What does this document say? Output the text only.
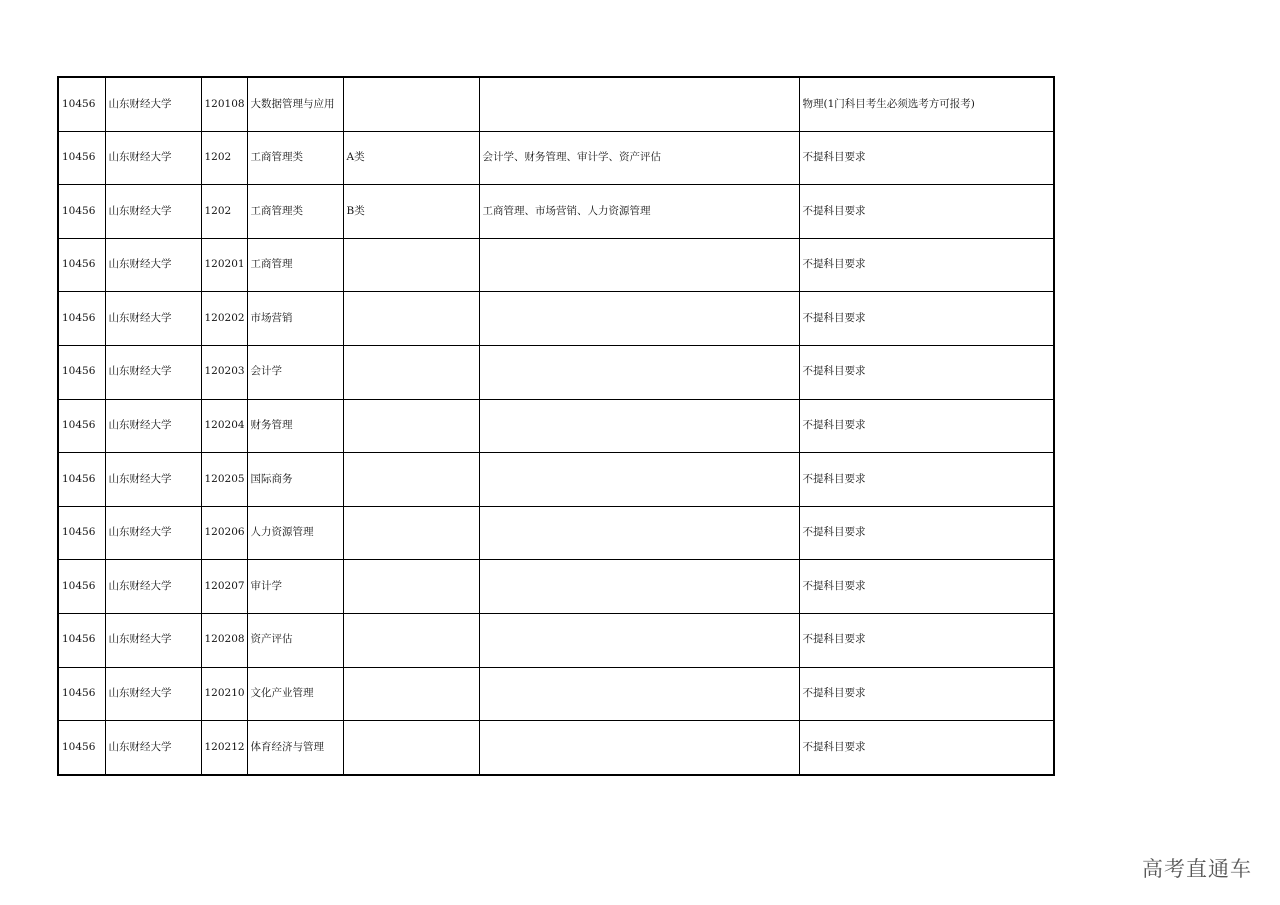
10456	山东财经大学	120108	大数据管理与应用			物理(1门科目考生必须选考方可报考)
10456	山东财经大学	1202	工商管理类	A类	会计学、财务管理、审计学、资产评估	不提科目要求
10456	山东财经大学	1202	工商管理类	B类	工商管理、市场营销、人力资源管理	不提科目要求
10456	山东财经大学	120201	工商管理			不提科目要求
10456	山东财经大学	120202	市场营销			不提科目要求
10456	山东财经大学	120203	会计学			不提科目要求
10456	山东财经大学	120204	财务管理			不提科目要求
10456	山东财经大学	120205	国际商务			不提科目要求
10456	山东财经大学	120206	人力资源管理			不提科目要求
10456	山东财经大学	120207	审计学			不提科目要求
10456	山东财经大学	120208	资产评估			不提科目要求
10456	山东财经大学	120210	文化产业管理			不提科目要求
10456	山东财经大学	120212	体育经济与管理			不提科目要求
高考直通车
